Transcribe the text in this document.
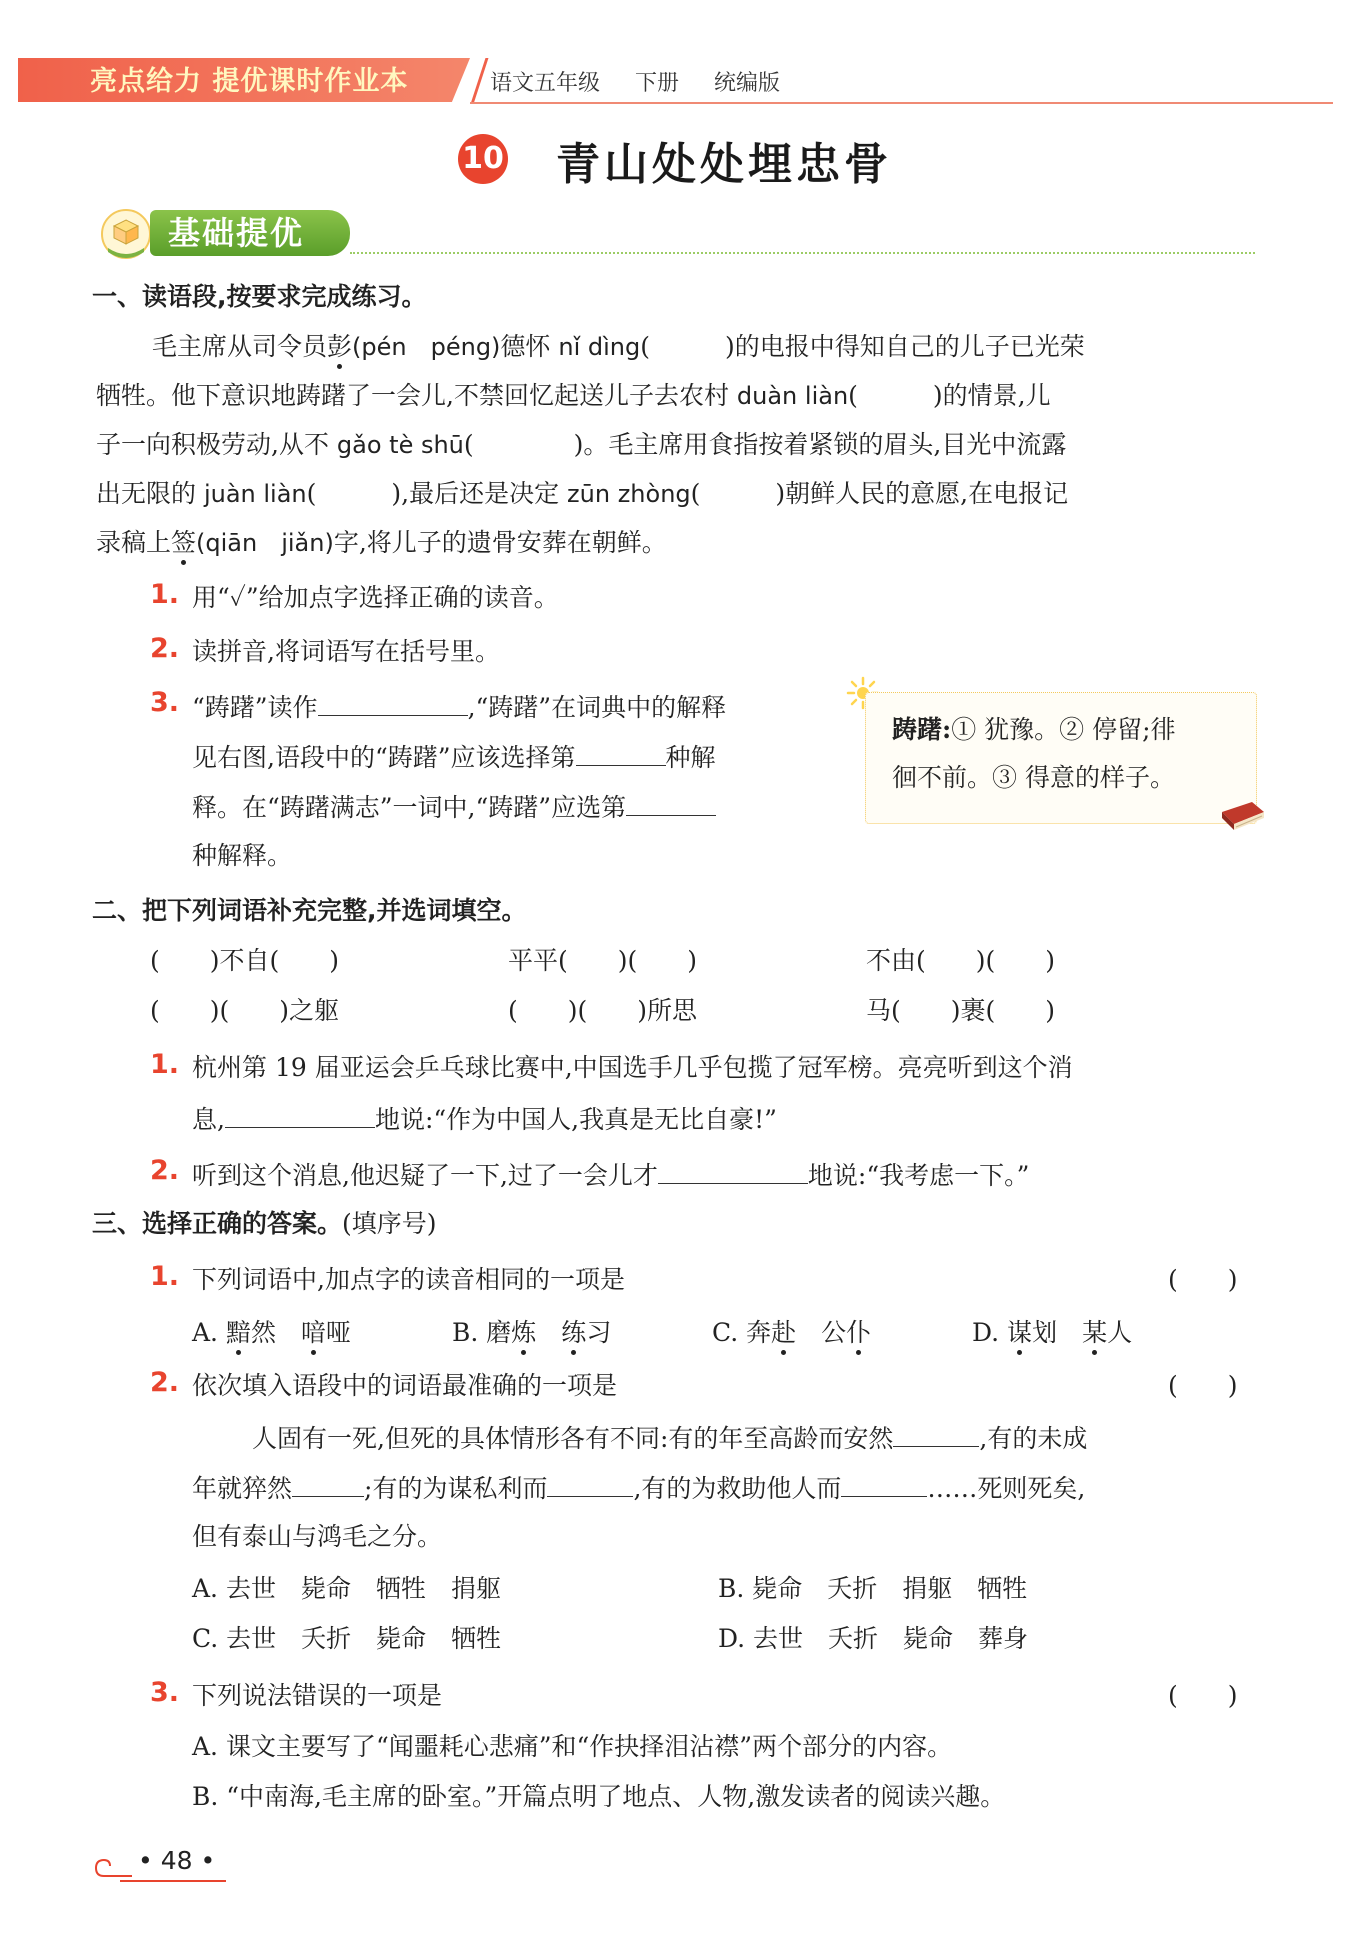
亮点给力 提优课时作业本	语文五年级 下册 统编版
10 青山处处埋忠骨
基础提优
一、读语段,按要求完成练习。
毛主席从司令员彭(pén　péng)德怀 nǐ dìng(　　　)的电报中得知自己的儿子已光荣
牺牲。他下意识地踌躇了一会儿,不禁回忆起送儿子去农村 duàn liàn(　　　)的情景,儿
子一向积极劳动,从不 gǎo tè shū(　　　　)。毛主席用食指按着紧锁的眉头,目光中流露
出无限的 juàn liàn(　　　),最后还是决定 zūn zhòng(　　　)朝鲜人民的意愿,在电报记
录稿上签(qiān　jiǎn)字,将儿子的遗骨安葬在朝鲜。
1. 用“✓”给加点字选择正确的读音。
2. 读拼音,将词语写在括号里。
3. “踌躇”读作	,“踌躇”在词典中的解释
见右图,语段中的“踌躇”应该选择第	种解
释。在“踌躇满志”一词中,“踌躇”应选第
种解释。
踌躇:① 犹豫。② 停留;徘
徊不前。③ 得意的样子。
二、把下列词语补充完整,并选词填空。
(　　)不自(　　)	平平(　　)(　　)	不由(　　)(　　)
(　　)(　　)之躯	(　　)(　　)所思	马(　　)裹(　　)
1. 杭州第 19 届亚运会乒乓球比赛中,中国选手几乎包揽了冠军榜。亮亮听到这个消
息,	地说:“作为中国人,我真是无比自豪!”
2. 听到这个消息,他迟疑了一下,过了一会儿才	地说:“我考虑一下。”
三、选择正确的答案。(填序号)
1. 下列词语中,加点字的读音相同的一项是	(　　)
A. 黯然　喑哑	B. 磨炼　 练习	C. 奔赴　公仆	D. 谋划　某人
2. 依次填入语段中的词语最准确的一项是	(　　)
人固有一死,但死的具体情形各有不同:有的年至高龄而安然	,有的未成
年就猝然	;有的为谋私利而	,有的为救助他人而	……死则死矣,
但有泰山与鸿毛之分。
A. 去世　毙命　牺牲　捐躯	B. 毙命　夭折　捐躯　牺牲
C. 去世　夭折　毙命　牺牲	D. 去世　夭折　毙命　葬身
3. 下列说法错误的一项是	(　　)
A. 课文主要写了“闻噩耗心悲痛”和“作抉择泪沾襟”两个部分的内容。
B. “中南海,毛主席的卧室。”开篇点明了地点、人物,激发读者的阅读兴趣。
• 48 •
